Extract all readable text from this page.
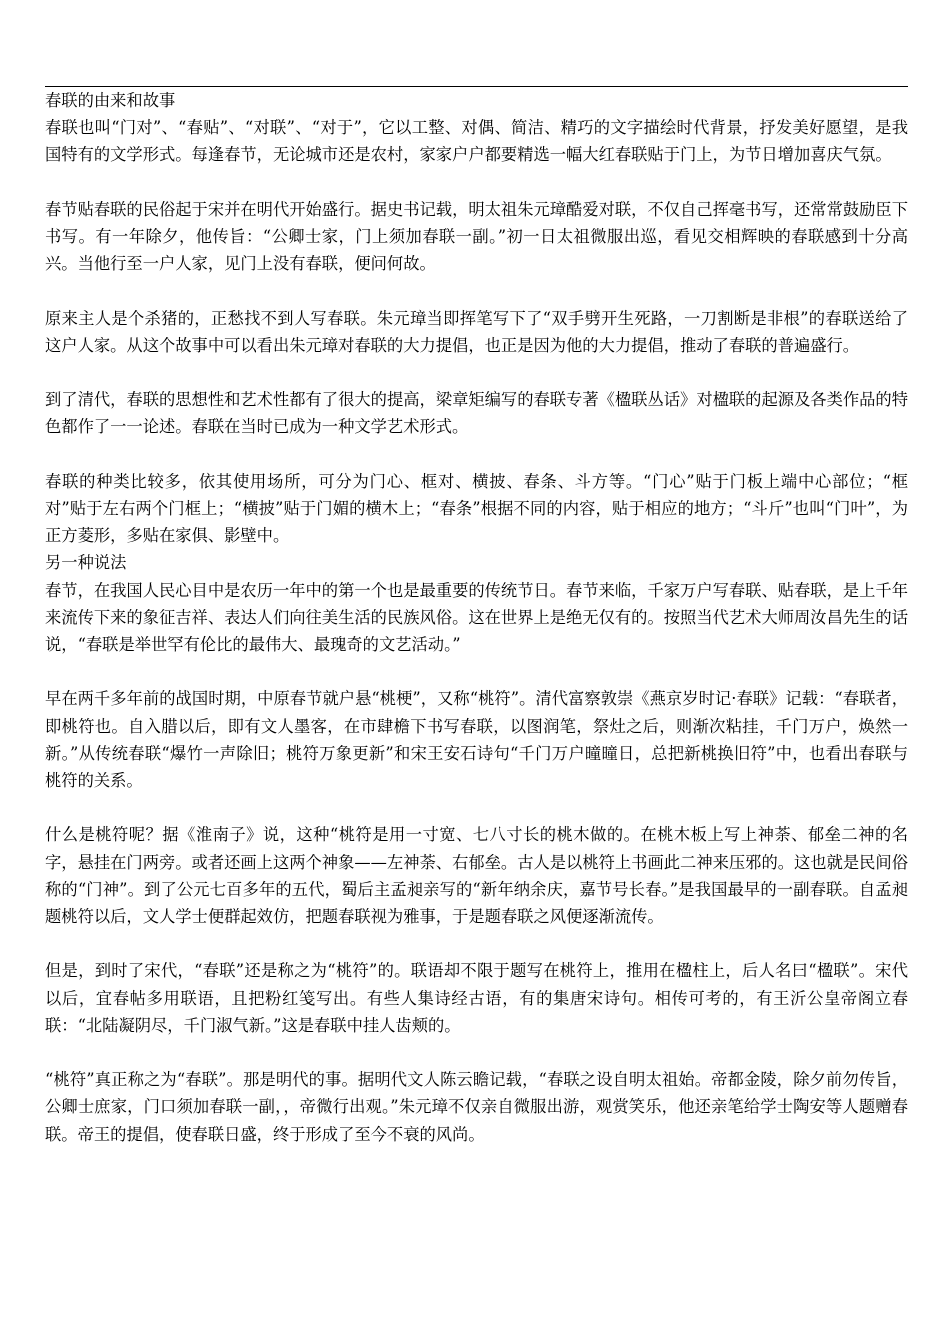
春联的由来和故事

春联也叫“门对”、“春贴”、“对联”、“对于”，它以工整、对偶、简洁、精巧的文字描绘时代背景，抒发美好愿望，是我国特有的文学形式。每逢春节，无论城市还是农村，家家户户都要精选一幅大红春联贴于门上，为节日增加喜庆气氛。

春节贴春联的民俗起于宋并在明代开始盛行。据史书记载，明太祖朱元璋酷爱对联，不仅自己挥毫书写，还常常鼓励臣下书写。有一年除夕，他传旨：“公卿士家，门上须加春联一副。”初一日太祖微服出巡，看见交相辉映的春联感到十分高兴。当他行至一户人家，见门上没有春联，便问何故。

原来主人是个杀猪的，正愁找不到人写春联。朱元璋当即挥笔写下了“双手劈开生死路，一刀割断是非根”的春联送给了这户人家。从这个故事中可以看出朱元璋对春联的大力提倡，也正是因为他的大力提倡，推动了春联的普遍盛行。

到了清代，春联的思想性和艺术性都有了很大的提高，梁章矩编写的春联专著《楹联丛话》对楹联的起源及各类作品的特色都作了一一论述。春联在当时已成为一种文学艺术形式。

春联的种类比较多，依其使用场所，可分为门心、框对、横披、春条、斗方等。“门心”贴于门板上端中心部位；“框对”贴于左右两个门框上；“横披”贴于门媚的横木上；“春条”根据不同的内容，贴于相应的地方；“斗斤”也叫“门叶”，为正方菱形，多贴在家俱、影壁中。

另一种说法

春节，在我国人民心目中是农历一年中的第一个也是最重要的传统节日。春节来临，千家万户写春联、贴春联，是上千年来流传下来的象征吉祥、表达人们向往美生活的民族风俗。这在世界上是绝无仅有的。按照当代艺术大师周汝昌先生的话说，“春联是举世罕有伦比的最伟大、最瑰奇的文艺活动。”

早在两千多年前的战国时期，中原春节就户悬“桃梗”，又称“桃符”。清代富察敦崇《燕京岁时记·春联》记载：“春联者，即桃符也。自入腊以后，即有文人墨客，在市肆檐下书写春联，以图润笔，祭灶之后，则渐次粘挂，千门万户，焕然一新。”从传统春联“爆竹一声除旧；桃符万象更新”和宋王安石诗句“千门万户曈曈日，总把新桃换旧符”中，也看出春联与桃符的关系。

什么是桃符呢？据《淮南子》说，这种“桃符是用一寸宽、七八寸长的桃木做的。在桃木板上写上神荼、郁垒二神的名字，悬挂在门两旁。或者还画上这两个神象——左神荼、右郁垒。古人是以桃符上书画此二神来压邪的。这也就是民间俗称的“门神”。到了公元七百多年的五代，蜀后主孟昶亲写的“新年纳余庆，嘉节号长春。”是我国最早的一副春联。自孟昶题桃符以后，文人学士便群起效仿，把题春联视为雅事，于是题春联之风便逐渐流传。

但是，到时了宋代，“春联”还是称之为“桃符”的。联语却不限于题写在桃符上，推用在楹柱上，后人名曰“楹联”。宋代以后，宜春帖多用联语，且把粉红笺写出。有些人集诗经古语，有的集唐宋诗句。相传可考的，有王沂公皇帝阁立春联：“北陆凝阴尽，千门淑气新。”这是春联中挂人齿颊的。

“桃符”真正称之为“春联”。那是明代的事。据明代文人陈云瞻记载，“春联之设自明太祖始。帝都金陵，除夕前勿传旨，公卿士庶家，门口须加春联一副，，帝微行出观。”朱元璋不仅亲自微服出游，观赏笑乐，他还亲笔给学士陶安等人题赠春联。帝王的提倡，使春联日盛，终于形成了至今不衰的风尚。
